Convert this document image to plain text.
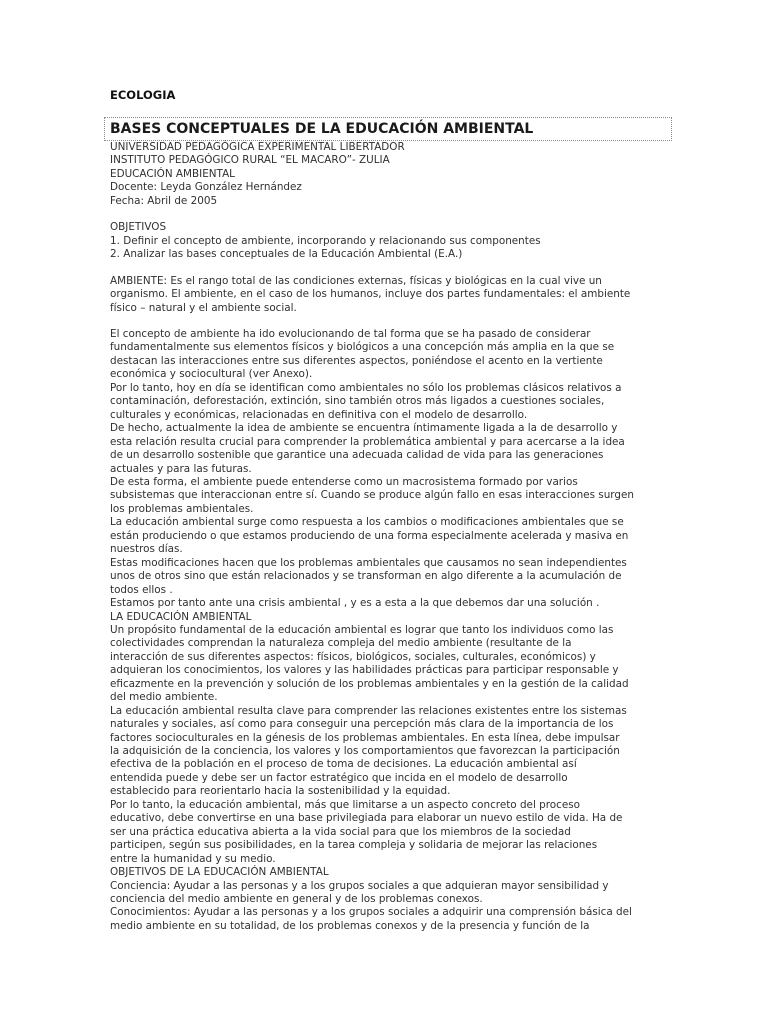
ECOLOGIA
BASES CONCEPTUALES DE LA EDUCACIÓN AMBIENTAL
UNIVERSIDAD PEDAGÓGICA EXPERIMENTAL LIBERTADOR
INSTITUTO PEDAGÓGICO RURAL “EL MACARO”- ZULIA
EDUCACIÓN AMBIENTAL
Docente: Leyda González Hernández
Fecha: Abril de 2005
OBJETIVOS
1. Definir el concepto de ambiente, incorporando y relacionando sus componentes
2. Analizar las bases conceptuales de la Educación Ambiental (E.A.)
AMBIENTE: Es el rango total de las condiciones externas, físicas y biológicas en la cual vive un
organismo. El ambiente, en el caso de los humanos, incluye dos partes fundamentales: el ambiente
físico – natural y el ambiente social.
El concepto de ambiente ha ido evolucionando de tal forma que se ha pasado de considerar
fundamentalmente sus elementos físicos y biológicos a una concepción más amplia en la que se
destacan las interacciones entre sus diferentes aspectos, poniéndose el acento en la vertiente
económica y sociocultural (ver Anexo).
Por lo tanto, hoy en día se identifican como ambientales no sólo los problemas clásicos relativos a
contaminación, deforestación, extinción, sino también otros más ligados a cuestiones sociales,
culturales y económicas, relacionadas en definitiva con el modelo de desarrollo.
De hecho, actualmente la idea de ambiente se encuentra íntimamente ligada a la de desarrollo y
esta relación resulta crucial para comprender la problemática ambiental y para acercarse a la idea
de un desarrollo sostenible que garantice una adecuada calidad de vida para las generaciones
actuales y para las futuras.
De esta forma, el ambiente puede entenderse como un macrosistema formado por varios
subsistemas que interaccionan entre sí. Cuando se produce algún fallo en esas interacciones surgen
los problemas ambientales.
La educación ambiental surge como respuesta a los cambios o modificaciones ambientales que se
están produciendo o que estamos produciendo de una forma especialmente acelerada y masiva en
nuestros días.
Estas modificaciones hacen que los problemas ambientales que causamos no sean independientes
unos de otros sino que están relacionados y se transforman en algo diferente a la acumulación de
todos ellos .
Estamos por tanto ante una crisis ambiental , y es a esta a la que debemos dar una solución .
LA EDUCACIÓN AMBIENTAL
Un propósito fundamental de la educación ambiental es lograr que tanto los individuos como las
colectividades comprendan la naturaleza compleja del medio ambiente (resultante de la
interacción de sus diferentes aspectos: físicos, biológicos, sociales, culturales, económicos) y
adquieran los conocimientos, los valores y las habilidades prácticas para participar responsable y
eficazmente en la prevención y solución de los problemas ambientales y en la gestión de la calidad
del medio ambiente.
La educación ambiental resulta clave para comprender las relaciones existentes entre los sistemas
naturales y sociales, así como para conseguir una percepción más clara de la importancia de los
factores socioculturales en la génesis de los problemas ambientales. En esta línea, debe impulsar
la adquisición de la conciencia, los valores y los comportamientos que favorezcan la participación
efectiva de la población en el proceso de toma de decisiones. La educación ambiental así
entendida puede y debe ser un factor estratégico que incida en el modelo de desarrollo
establecido para reorientarlo hacia la sostenibilidad y la equidad.
Por lo tanto, la educación ambiental, más que limitarse a un aspecto concreto del proceso
educativo, debe convertirse en una base privilegiada para elaborar un nuevo estilo de vida. Ha de
ser una práctica educativa abierta a la vida social para que los miembros de la sociedad
participen, según sus posibilidades, en la tarea compleja y solidaria de mejorar las relaciones
entre la humanidad y su medio.
OBJETIVOS DE LA EDUCACIÓN AMBIENTAL
Conciencia: Ayudar a las personas y a los grupos sociales a que adquieran mayor sensibilidad y
conciencia del medio ambiente en general y de los problemas conexos.
Conocimientos: Ayudar a las personas y a los grupos sociales a adquirir una comprensión básica del
medio ambiente en su totalidad, de los problemas conexos y de la presencia y función de la
